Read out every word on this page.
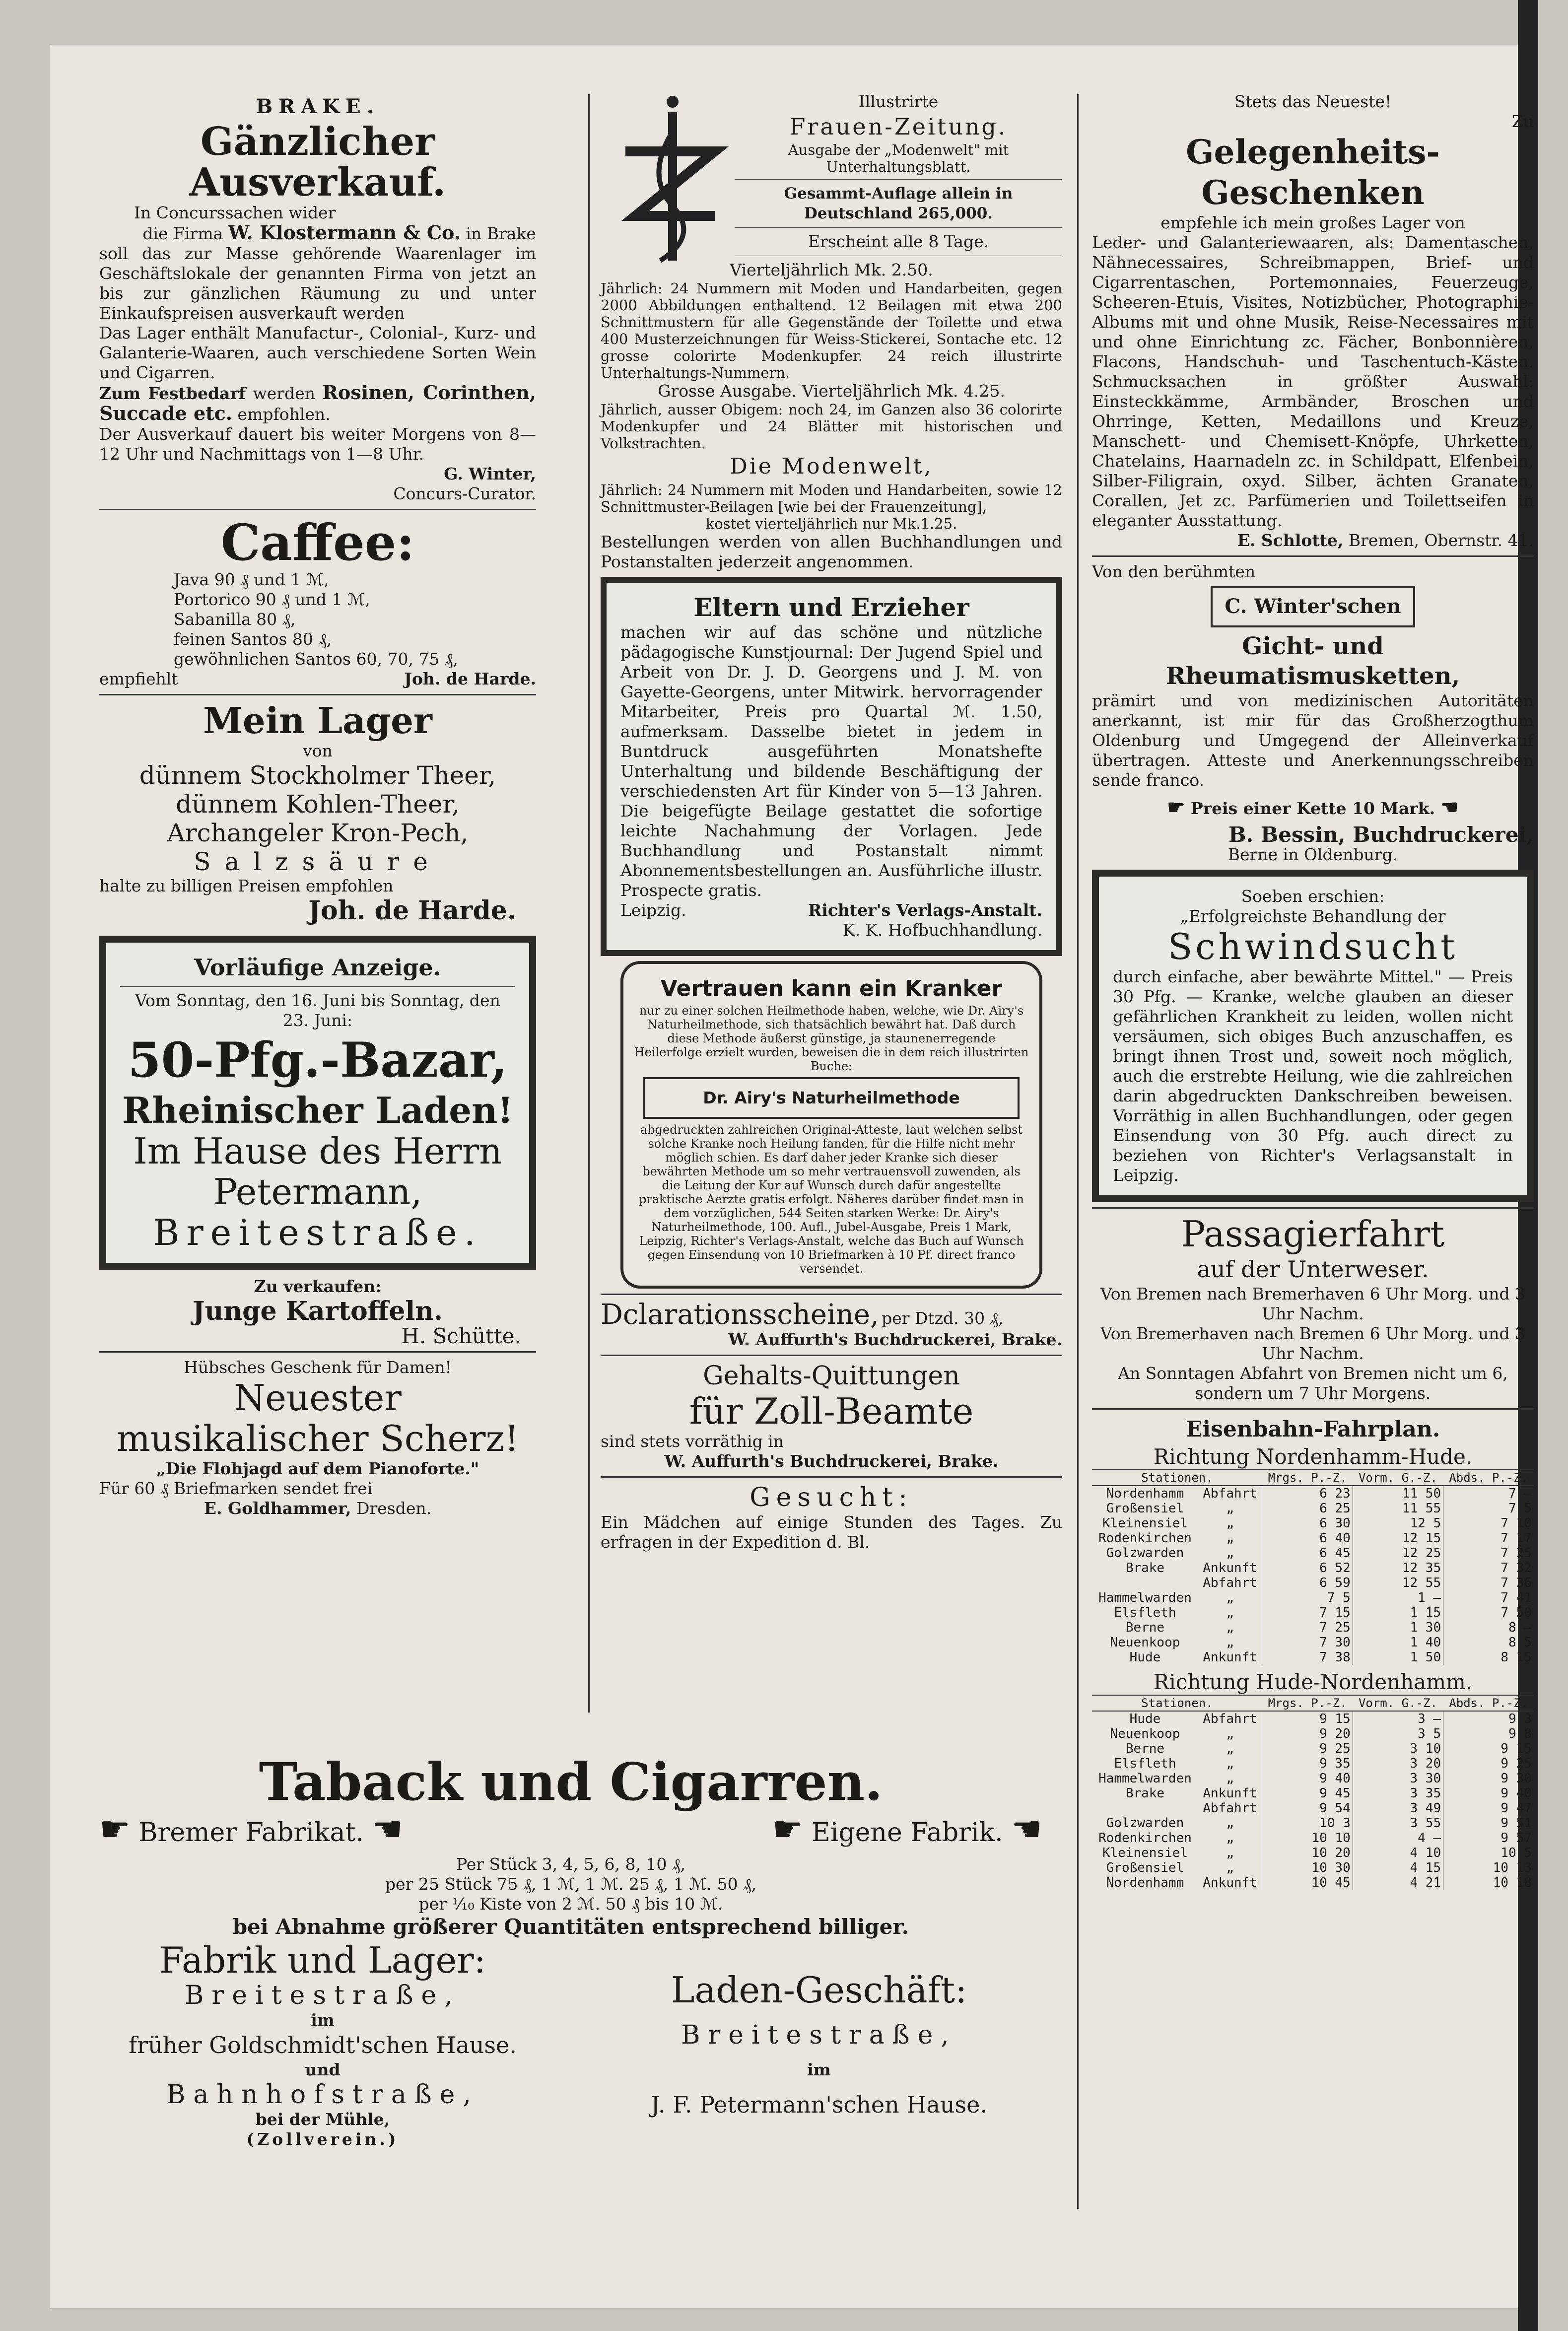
BRAKE.
Gänzlicher Ausverkauf.
In Concurssachen wider
die Firma W. Klostermann & Co. in Brake
soll das zur Masse gehörende Waarenlager im Geschäftslokale der genannten Firma von jetzt an bis zur gänzlichen Räumung zu und unter Einkaufspreisen ausverkauft werden
Das Lager enthält Manufactur-, Colonial-, Kurz- und Galanterie-Waaren, auch verschiedene Sorten Wein und Cigarren.
Zum Festbedarf werden Rosinen, Corinthen, Succade etc. empfohlen.
Der Ausverkauf dauert bis weiter Morgens von 8—12 Uhr und Nachmittags von 1—8 Uhr.
G. Winter,
Concurs-Curator.
Caffee:
Java 90 ₰ und 1 ℳ,
Portorico 90 ₰ und 1 ℳ,
Sabanilla 80 ₰,
feinen Santos 80 ₰,
gewöhnlichen Santos 60, 70, 75 ₰,
empfiehlt	Joh. de Harde.
Mein Lager
von
dünnem Stockholmer Theer,
dünnem Kohlen-Theer,
Archangeler Kron-Pech,
Salzsäure
halte zu billigen Preisen empfohlen
Joh. de Harde.
Vorläufige Anzeige.
Vom Sonntag, den 16. Juni bis Sonntag, den 23. Juni:
50-Pfg.-Bazar,
Rheinischer Laden!
Im Hause des Herrn
Petermann,
Breitestraße.
Zu verkaufen:
Junge Kartoffeln.
H. Schütte.
Hübsches Geschenk für Damen!
Neuester
musikalischer Scherz!
„Die Flohjagd auf dem Pianoforte."
Für 60 ₰ Briefmarken sendet frei
E. Goldhammer, Dresden.
Illustrirte
Frauen-Zeitung.
Ausgabe der „Modenwelt" mit Unterhaltungsblatt.
Gesammt-Auflage allein in Deutschland 265,000.
Erscheint alle 8 Tage.
Vierteljährlich Mk. 2.50.
Jährlich: 24 Nummern mit Moden und Handarbeiten, gegen 2000 Abbildungen enthaltend. 12 Beilagen mit etwa 200 Schnittmustern für alle Gegenstände der Toilette und etwa 400 Musterzeichnungen für Weiss-Stickerei, Sontache etc. 12 grosse colorirte Modenkupfer. 24 reich illustrirte Unterhaltungs-Nummern.
Grosse Ausgabe. Vierteljährlich Mk. 4.25.
Jährlich, ausser Obigem: noch 24, im Ganzen also 36 colorirte Modenkupfer und 24 Blätter mit historischen und Volkstrachten.
Die Modenwelt,
Jährlich: 24 Nummern mit Moden und Handarbeiten, sowie 12 Schnittmuster-Beilagen [wie bei der Frauenzeitung],
kostet vierteljährlich nur Mk.1.25.
Bestellungen werden von allen Buchhandlungen und Postanstalten jederzeit angenommen.
Eltern und Erzieher
machen wir auf das schöne und nützliche pädagogische Kunstjournal: Der Jugend Spiel und Arbeit von Dr. J. D. Georgens und J. M. von Gayette-Georgens, unter Mitwirk. hervorragender Mitarbeiter, Preis pro Quartal ℳ. 1.50, aufmerksam. Dasselbe bietet in jedem in Buntdruck ausgeführten Monatshefte Unterhaltung und bildende Beschäftigung der verschiedensten Art für Kinder von 5—13 Jahren. Die beigefügte Beilage gestattet die sofortige leichte Nachahmung der Vorlagen. Jede Buchhandlung und Postanstalt nimmt Abonnementsbestellungen an. Ausführliche illustr. Prospecte gratis.
Leipzig.	Richter's Verlags-Anstalt.
K. K. Hofbuchhandlung.
Vertrauen kann ein Kranker
nur zu einer solchen Heilmethode haben, welche, wie Dr. Airy's Naturheilmethode, sich thatsächlich bewährt hat. Daß durch diese Methode äußerst günstige, ja staunenerregende Heilerfolge erzielt wurden, beweisen die in dem reich illustrirten Buche:
Dr. Airy's Naturheilmethode
abgedruckten zahlreichen Original-Atteste, laut welchen selbst solche Kranke noch Heilung fanden, für die Hilfe nicht mehr möglich schien. Es darf daher jeder Kranke sich dieser bewährten Methode um so mehr vertrauensvoll zuwenden, als die Leitung der Kur auf Wunsch durch dafür angestellte praktische Aerzte gratis erfolgt. Näheres darüber findet man in dem vorzüglichen, 544 Seiten starken Werke: Dr. Airy's Naturheilmethode, 100. Aufl., Jubel-Ausgabe, Preis 1 Mark, Leipzig, Richter's Verlags-Anstalt, welche das Buch auf Wunsch gegen Einsendung von 10 Briefmarken à 10 Pf. direct franco versendet.
Dclarationsscheine, per Dtzd. 30 ₰,
W. Auffurth's Buchdruckerei, Brake.
Gehalts-Quittungen
für Zoll-Beamte
sind stets vorräthig in
W. Auffurth's Buchdruckerei, Brake.
Gesucht:
Ein Mädchen auf einige Stunden des Tages. Zu erfragen in der Expedition d. Bl.
Stets das Neueste!
Zu
Gelegenheits-Geschenken
empfehle ich mein großes Lager von
Leder- und Galanteriewaaren, als: Damentaschen, Nähnecessaires, Schreibmappen, Brief- und Cigarrentaschen, Portemonnaies, Feuerzeuge, Scheeren-Etuis, Visites, Notizbücher, Photographie-Albums mit und ohne Musik, Reise-Necessaires mit und ohne Einrichtung zc. Fächer, Bonbonnièren, Flacons, Handschuh- und Taschentuch-Kästen. Schmucksachen in größter Auswahl: Einsteckkämme, Armbänder, Broschen und Ohrringe, Ketten, Medaillons und Kreuze, Manschett- und Chemisett-Knöpfe, Uhrketten, Chatelains, Haarnadeln zc. in Schildpatt, Elfenbein, Silber-Filigrain, oxyd. Silber, ächten Granaten, Corallen, Jet zc. Parfümerien und Toilettseifen in eleganter Ausstattung.
E. Schlotte, Bremen, Obernstr. 41.
Von den berühmten
C. Winter'schen
Gicht- und Rheumatismusketten,
prämirt und von medizinischen Autoritäten anerkannt, ist mir für das Großherzogthum Oldenburg und Umgegend der Alleinverkauf übertragen. Atteste und Anerkennungsschreiben sende franco.
☛ Preis einer Kette 10 Mark. ☚
B. Bessin, Buchdruckerei,
Berne in Oldenburg.
Soeben erschien:
„Erfolgreichste Behandlung der
Schwindsucht
durch einfache, aber bewährte Mittel." — Preis 30 Pfg. — Kranke, welche glauben an dieser gefährlichen Krankheit zu leiden, wollen nicht versäumen, sich obiges Buch anzuschaffen, es bringt ihnen Trost und, soweit noch möglich, auch die erstrebte Heilung, wie die zahlreichen darin abgedruckten Dankschreiben beweisen. Vorräthig in allen Buchhandlungen, oder gegen Einsendung von 30 Pfg. auch direct zu beziehen von Richter's Verlagsanstalt in Leipzig.
Passagierfahrt
auf der Unterweser.
Von Bremen nach Bremerhaven 6 Uhr Morg. und 3 Uhr Nachm.
Von Bremerhaven nach Bremen 6 Uhr Morg. und 3 Uhr Nachm.
An Sonntagen Abfahrt von Bremen nicht um 6, sondern um 7 Uhr Morgens.
Eisenbahn-Fahrplan.
Richtung Nordenhamm-Hude.
Stationen.		Mrgs. P.-Z.	Vorm. G.-Z.	Abds. P.-Z.
Nordenhamm	Abfahrt	6 23	11 50	7 —
Großensiel	„	6 25	11 55	7 5
Kleinensiel	„	6 30	12 5	7 10
Rodenkirchen	„	6 40	12 15	7 17
Golzwarden	„	6 45	12 25	7 25
Brake	Ankunft	6 52	12 35	7 32
	Abfahrt	6 59	12 55	7 36
Hammelwarden	„	7 5	1 —	7 41
Elsfleth	„	7 15	1 15	7 50
Berne	„	7 25	1 30	8 —
Neuenkoop	„	7 30	1 40	8 5
Hude	Ankunft	7 38	1 50	8 15
Richtung Hude-Nordenhamm.
Stationen.		Mrgs. P.-Z.	Vorm. G.-Z.	Abds. P.-Z.
Hude	Abfahrt	9 15	3 —	9 3
Neuenkoop	„	9 20	3 5	9 8
Berne	„	9 25	3 10	9 15
Elsfleth	„	9 35	3 20	9 25
Hammelwarden	„	9 40	3 30	9 30
Brake	Ankunft	9 45	3 35	9 40
	Abfahrt	9 54	3 49	9 47
Golzwarden	„	10 3	3 55	9 51
Rodenkirchen	„	10 10	4 —	9 57
Kleinensiel	„	10 20	4 10	10 5
Großensiel	„	10 30	4 15	10 13
Nordenhamm	Ankunft	10 45	4 21	10 18
Taback und Cigarren.
☛ Bremer Fabrikat. ☚	☛ Eigene Fabrik. ☚
Per Stück 3, 4, 5, 6, 8, 10 ₰,
per 25 Stück 75 ₰, 1 ℳ, 1 ℳ. 25 ₰, 1 ℳ. 50 ₰,
per ¹⁄₁₀ Kiste von 2 ℳ. 50 ₰ bis 10 ℳ.
bei Abnahme größerer Quantitäten entsprechend billiger.
Fabrik und Lager:
Breitestraße,
im
früher Goldschmidt'schen Hause.
und
Bahnhofstraße,
bei der Mühle,
(Zollverein.)
Laden-Geschäft:
Breitestraße,
im
J. F. Petermann'schen Hause.
